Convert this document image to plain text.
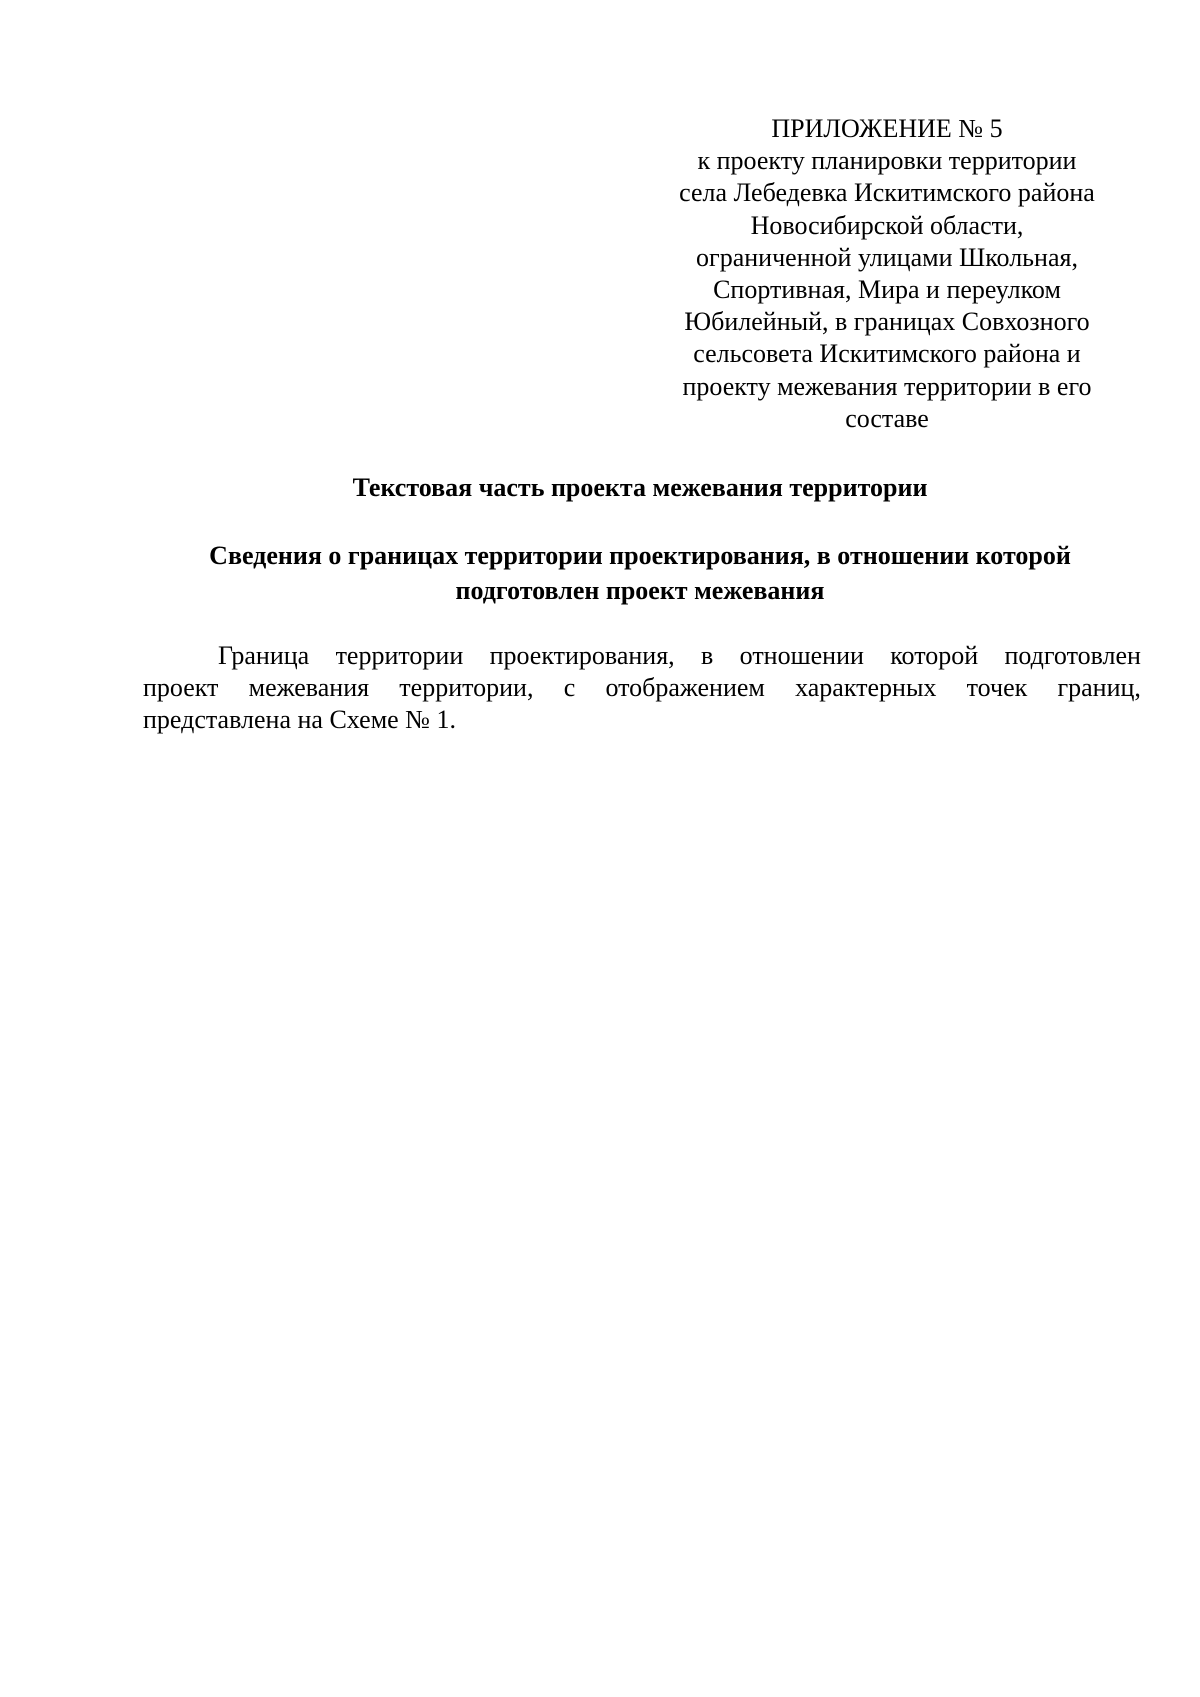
ПРИЛОЖЕНИЕ № 5
к проекту планировки территории
села Лебедевка Искитимского района
Новосибирской области,
ограниченной улицами Школьная,
Спортивная, Мира и переулком
Юбилейный, в границах Совхозного
сельсовета Искитимского района и
проекту межевания территории в его
составе
Текстовая часть проекта межевания территории
Сведения о границах территории проектирования, в отношении которой
подготовлен проект межевания
Граница территории проектирования, в отношении которой подготовлен
проект межевания территории, с отображением характерных точек границ,
представлена на Схеме № 1.
